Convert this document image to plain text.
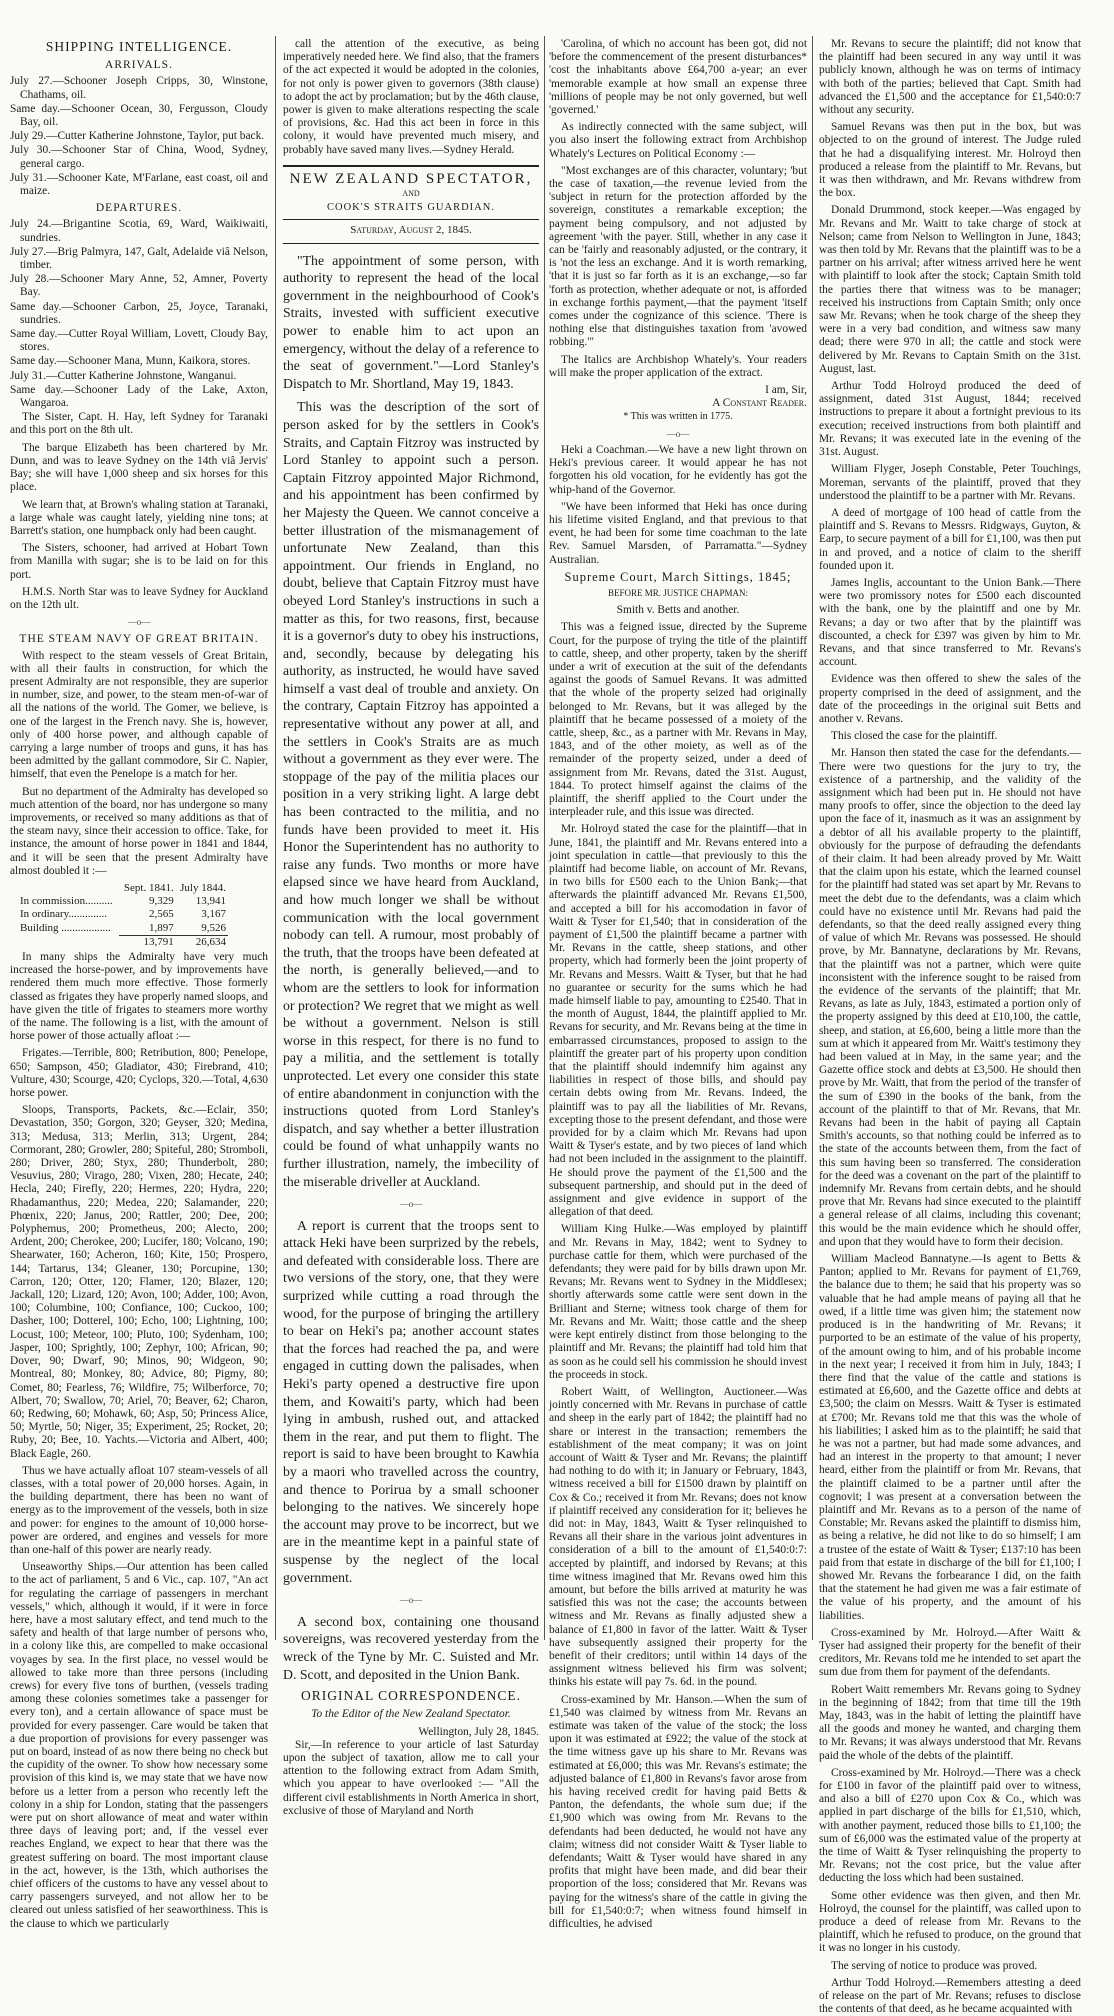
SHIPPING INTELLIGENCE.
ARRIVALS.

July 27.—Schooner Joseph Cripps, 30, Winstone, Chathams, oil.

Same day.—Schooner Ocean, 30, Fergusson, Cloudy Bay, oil.

July 29.—Cutter Katherine Johnstone, Taylor, put back.

July 30.—Schooner Star of China, Wood, Sydney, general cargo.

July 31.—Schooner Kate, M'Farlane, east coast, oil and maize.

DEPARTURES.

July 24.—Brigantine Scotia, 69, Ward, Waikiwaiti, sundries.

July 27.—Brig Palmyra, 147, Galt, Adelaide viâ Nelson, timber.

July 28.—Schooner Mary Anne, 52, Amner, Poverty Bay.

Same day.—Schooner Carbon, 25, Joyce, Taranaki, sundries.

Same day.—Cutter Royal William, Lovett, Cloudy Bay, stores.

Same day.—Schooner Mana, Munn, Kaikora, stores.

July 31.—Cutter Katherine Johnstone, Wanganui.

Same day.—Schooner Lady of the Lake, Axton, Wangaroa.

The Sister, Capt. H. Hay, left Sydney for Taranaki and this port on the 8th ult.

The barque Elizabeth has been chartered by Mr. Dunn, and was to leave Sydney on the 14th viâ Jervis' Bay; she will have 1,000 sheep and six horses for this place.

We learn that, at Brown's whaling station at Taranaki, a large whale was caught lately, yielding nine tons; at Barrett's station, one humpback only had been caught.

The Sisters, schooner, had arrived at Hobart Town from Manilla with sugar; she is to be laid on for this port.

H.M.S. North Star was to leave Sydney for Auckland on the 12th ult.

—o—
THE STEAM NAVY OF GREAT BRITAIN.

With respect to the steam vessels of Great Britain, with all their faults in construction, for which the present Admiralty are not responsible, they are superior in number, size, and power, to the steam men-of-war of all the nations of the world. The Gomer, we believe, is one of the largest in the French navy. She is, however, only of 400 horse power, and although capable of carrying a large number of troops and guns, it has has been admitted by the gallant commodore, Sir C. Napier, himself, that even the Penelope is a match for her.

But no department of the Admiralty has developed so much attention of the board, nor has undergone so many improvements, or received so many additions as that of the steam navy, since their accession to office. Take, for instance, the amount of horse power in 1841 and 1844, and it will be seen that the present Admiralty have almost doubled it :—

	Sept. 1841.	July 1844.
In commission..........	9,329	13,941
In ordinary..............	2,565	3,167
Building ..................	1,897	9,526
	13,791	26,634

In many ships the Admiralty have very much increased the horse-power, and by improvements have rendered them much more effective. Those formerly classed as frigates they have properly named sloops, and have given the title of frigates to steamers more worthy of the name. The following is a list, with the amount of horse power of those actually afloat :—

Frigates.—Terrible, 800; Retribution, 800; Penelope, 650; Sampson, 450; Gladiator, 430; Firebrand, 410; Vulture, 430; Scourge, 420; Cyclops, 320.—Total, 4,630 horse power.

Sloops, Transports, Packets, &c.—Eclair, 350; Devastation, 350; Gorgon, 320; Geyser, 320; Medina, 313; Medusa, 313; Merlin, 313; Urgent, 284; Cormorant, 280; Growler, 280; Spiteful, 280; Stromboli, 280; Driver, 280; Styx, 280; Thunderbolt, 280; Vesuvius, 280; Virago, 280; Vixen, 280; Hecate, 240; Hecla, 240; Firefly, 220; Hermes, 220; Hydra, 220; Rhadamanthus, 220; Medea, 220; Salamander, 220; Phœnix, 220; Janus, 200; Rattler, 200; Dee, 200; Polyphemus, 200; Prometheus, 200; Alecto, 200; Ardent, 200; Cherokee, 200; Lucifer, 180; Volcano, 190; Shearwater, 160; Acheron, 160; Kite, 150; Prospero, 144; Tartarus, 134; Gleaner, 130; Porcupine, 130; Carron, 120; Otter, 120; Flamer, 120; Blazer, 120; Jackall, 120; Lizard, 120; Avon, 100; Adder, 100; Avon, 100; Columbine, 100; Confiance, 100; Cuckoo, 100; Dasher, 100; Dotterel, 100; Echo, 100; Lightning, 100; Locust, 100; Meteor, 100; Pluto, 100; Sydenham, 100; Jasper, 100; Sprightly, 100; Zephyr, 100; African, 90; Dover, 90; Dwarf, 90; Minos, 90; Widgeon, 90; Montreal, 80; Monkey, 80; Advice, 80; Pigmy, 80; Comet, 80; Fearless, 76; Wildfire, 75; Wilberforce, 70; Albert, 70; Swallow, 70; Ariel, 70; Beaver, 62; Charon, 60; Redwing, 60; Mohawk, 60; Asp, 50; Princess Alice, 50; Myrtle, 50; Niger, 35; Experiment, 25; Rocket, 20; Ruby, 20; Bee, 10. Yachts.—Victoria and Albert, 400; Black Eagle, 260.

Thus we have actually afloat 107 steam-vessels of all classes, with a total power of 20,000 horses. Again, in the building department, there has been no want of energy as to the improvement of the vessels, both in size and power: for engines to the amount of 10,000 horse-power are ordered, and engines and vessels for more than one-half of this power are nearly ready.

Unseaworthy Ships.—Our attention has been called to the act of parliament, 5 and 6 Vic., cap. 107, "An act for regulating the carriage of passengers in merchant vessels," which, although it would, if it were in force here, have a most salutary effect, and tend much to the safety and health of that large number of persons who, in a colony like this, are compelled to make occasional voyages by sea. In the first place, no vessel would be allowed to take more than three persons (including crews) for every five tons of burthen, (vessels trading among these colonies sometimes take a passenger for every ton), and a certain allowance of space must be provided for every passenger. Care would be taken that a due proportion of provisions for every passenger was put on board, instead of as now there being no check but the cupidity of the owner. To show how necessary some provision of this kind is, we may state that we have now before us a letter from a person who recently left the colony in a ship for London, stating that the passengers were put on short allowance of meat and water within three days of leaving port; and, if the vessel ever reaches England, we expect to hear that there was the greatest suffering on board. The most important clause in the act, however, is the 13th, which authorises the chief officers of the customs to have any vessel about to carry passengers surveyed, and not allow her to be cleared out unless satisfied of her seaworthiness. This is the clause to which we particularly

call the attention of the executive, as being imperatively needed here. We find also, that the framers of the act expected it would be adopted in the colonies, for not only is power given to governors (38th clause) to adopt the act by proclamation; but by the 46th clause, power is given to make alterations respecting the scale of provisions, &c. Had this act been in force in this colony, it would have prevented much misery, and probably have saved many lives.—Sydney Herald.

NEW ZEALAND SPECTATOR,
AND
COOK'S STRAITS GUARDIAN.
Saturday, August 2, 1845.

"The appointment of some person, with authority to represent the head of the local government in the neighbourhood of Cook's Straits, invested with sufficient executive power to enable him to act upon an emergency, without the delay of a reference to the seat of government."—Lord Stanley's Dispatch to Mr. Shortland, May 19, 1843.

This was the description of the sort of person asked for by the settlers in Cook's Straits, and Captain Fitzroy was instructed by Lord Stanley to appoint such a person. Captain Fitzroy appointed Major Richmond, and his appointment has been confirmed by her Majesty the Queen. We cannot conceive a better illustration of the mismanagement of unfortunate New Zealand, than this appointment. Our friends in England, no doubt, believe that Captain Fitzroy must have obeyed Lord Stanley's instructions in such a matter as this, for two reasons, first, because it is a governor's duty to obey his instructions, and, secondly, because by delegating his authority, as instructed, he would have saved himself a vast deal of trouble and anxiety. On the contrary, Captain Fitzroy has appointed a representative without any power at all, and the settlers in Cook's Straits are as much without a government as they ever were. The stoppage of the pay of the militia places our position in a very striking light. A large debt has been contracted to the militia, and no funds have been provided to meet it. His Honor the Superintendent has no authority to raise any funds. Two months or more have elapsed since we have heard from Auckland, and how much longer we shall be without communication with the local government nobody can tell. A rumour, most probably of the truth, that the troops have been defeated at the north, is generally believed,—and to whom are the settlers to look for information or protection? We regret that we might as well be without a government. Nelson is still worse in this respect, for there is no fund to pay a militia, and the settlement is totally unprotected. Let every one consider this state of entire abandonment in conjunction with the instructions quoted from Lord Stanley's dispatch, and say whether a better illustration could be found of what unhappily wants no further illustration, namely, the imbecility of the miserable driveller at Auckland.

—o—

A report is current that the troops sent to attack Heki have been surprized by the rebels, and defeated with considerable loss. There are two versions of the story, one, that they were surprized while cutting a road through the wood, for the purpose of bringing the artillery to bear on Heki's pa; another account states that the forces had reached the pa, and were engaged in cutting down the palisades, when Heki's party opened a destructive fire upon them, and Kowaiti's party, which had been lying in ambush, rushed out, and attacked them in the rear, and put them to flight. The report is said to have been brought to Kawhia by a maori who travelled across the country, and thence to Porirua by a small schooner belonging to the natives. We sincerely hope the account may prove to be incorrect, but we are in the meantime kept in a painful state of suspense by the neglect of the local government.

—o—

A second box, containing one thousand sovereigns, was recovered yesterday from the wreck of the Tyne by Mr. C. Suisted and Mr. D. Scott, and deposited in the Union Bank.

ORIGINAL CORRESPONDENCE.

To the Editor of the New Zealand Spectator.

Wellington, July 28, 1845.

Sir,—In reference to your article of last Saturday upon the subject of taxation, allow me to call your attention to the following extract from Adam Smith, which you appear to have overlooked :— "All the different civil establishments in North America in short, exclusive of those of Maryland and North

'Carolina, of which no account has been got, did not 'before the commencement of the present disturbances* 'cost the inhabitants above £64,700 a-year; an ever 'memorable example at how small an expense three 'millions of people may be not only governed, but well 'governed.'

As indirectly connected with the same subject, will you also insert the following extract from Archbishop Whately's Lectures on Political Economy :—

"Most exchanges are of this character, voluntary; 'but the case of taxation,—the revenue levied from the 'subject in return for the protection afforded by the sovereign, constitutes a remarkable exception; the payment being compulsory, and not adjusted by agreement 'with the payer. Still, whether in any case it can be 'fairly and reasonably adjusted, or the contrary, it is 'not the less an exchange. And it is worth remarking, 'that it is just so far forth as it is an exchange,—so far 'forth as protection, whether adequate or not, is afforded in exchange forthis payment,—that the payment 'itself comes under the cognizance of this science. 'There is nothing else that distinguishes taxation from 'avowed robbing.'"

The Italics are Archbishop Whately's. Your readers will make the proper application of the extract.

I am, Sir,

A Constant Reader.

* This was written in 1775.

—o—

Heki a Coachman.—We have a new light thrown on Heki's previous career. It would appear he has not forgotten his old vocation, for he evidently has got the whip-hand of the Governor.

"We have been informed that Heki has once during his lifetime visited England, and that previous to that event, he had been for some time coachman to the late Rev. Samuel Marsden, of Parramatta."—Sydney Australian.

Supreme Court, March Sittings, 1845;

BEFORE MR. JUSTICE CHAPMAN:

Smith v. Betts and another.

This was a feigned issue, directed by the Supreme Court, for the purpose of trying the title of the plaintiff to cattle, sheep, and other property, taken by the sheriff under a writ of execution at the suit of the defendants against the goods of Samuel Revans. It was admitted that the whole of the property seized had originally belonged to Mr. Revans, but it was alleged by the plaintiff that he became possessed of a moiety of the cattle, sheep, &c., as a partner with Mr. Revans in May, 1843, and of the other moiety, as well as of the remainder of the property seized, under a deed of assignment from Mr. Revans, dated the 31st. August, 1844. To protect himself against the claims of the plaintiff, the sheriff applied to the Court under the interpleader rule, and this issue was directed.

Mr. Holroyd stated the case for the plaintiff—that in June, 1841, the plaintiff and Mr. Revans entered into a joint speculation in cattle—that previously to this the plaintiff had become liable, on account of Mr. Revans, in two bills for £500 each to the Union Bank;—that afterwards the plaintiff advanced Mr. Revans £1,500, and accepted a bill for his accomodation in favor of Waitt & Tyser for £1,540; that in consideration of the payment of £1,500 the plaintiff became a partner with Mr. Revans in the cattle, sheep stations, and other property, which had formerly been the joint property of Mr. Revans and Messrs. Waitt & Tyser, but that he had no guarantee or security for the sums which he had made himself liable to pay, amounting to £2540. That in the month of August, 1844, the plaintiff applied to Mr. Revans for security, and Mr. Revans being at the time in embarrassed circumstances, proposed to assign to the plaintiff the greater part of his property upon condition that the plaintiff should indemnify him against any liabilities in respect of those bills, and should pay certain debts owing from Mr. Revans. Indeed, the plaintiff was to pay all the liabilities of Mr. Revans, excepting those to the present defendant, and those were provided for by a claim which Mr. Revans had upon Waitt & Tyser's estate, and by two pieces of land which had not been included in the assignment to the plaintiff. He should prove the payment of the £1,500 and the subsequent partnership, and should put in the deed of assignment and give evidence in support of the allegation of that deed.

William King Hulke.—Was employed by plaintiff and Mr. Revans in May, 1842; went to Sydney to purchase cattle for them, which were purchased of the defendants; they were paid for by bills drawn upon Mr. Revans; Mr. Revans went to Sydney in the Middlesex; shortly afterwards some cattle were sent down in the Brilliant and Sterne; witness took charge of them for Mr. Revans and Mr. Waitt; those cattle and the sheep were kept entirely distinct from those belonging to the plaintiff and Mr. Revans; the plaintiff had told him that as soon as he could sell his commission he should invest the proceeds in stock.

Robert Waitt, of Wellington, Auctioneer.—Was jointly concerned with Mr. Revans in purchase of cattle and sheep in the early part of 1842; the plaintiff had no share or interest in the transaction; remembers the establishment of the meat company; it was on joint account of Waitt & Tyser and Mr. Revans; the plaintiff had nothing to do with it; in January or February, 1843, witness received a bill for £1500 drawn by plaintiff on Cox & Co.; received it from Mr. Revans; does not know if plaintiff received any consideration for it; believes he did not: in May, 1843, Waitt & Tyser relinquished to Revans all their share in the various joint adventures in consideration of a bill to the amount of £1,540:0:7: accepted by plaintiff, and indorsed by Revans; at this time witness imagined that Mr. Revans owed him this amount, but before the bills arrived at maturity he was satisfied this was not the case; the accounts between witness and Mr. Revans as finally adjusted shew a balance of £1,800 in favor of the latter. Waitt & Tyser have subsequently assigned their property for the benefit of their creditors; until within 14 days of the assignment witness believed his firm was solvent; thinks his estate will pay 7s. 6d. in the pound.

Cross-examined by Mr. Hanson.—When the sum of £1,540 was claimed by witness from Mr. Revans an estimate was taken of the value of the stock; the loss upon it was estimated at £922; the value of the stock at the time witness gave up his share to Mr. Revans was estimated at £6,000; this was Mr. Revans's estimate; the adjusted balance of £1,800 in Revans's favor arose from his having received credit for having paid Betts & Panton, the defendants, the whole sum due; if the £1,900 which was owing from Mr. Revans to the defendants had been deducted, he would not have any claim; witness did not consider Waitt & Tyser liable to defendants; Waitt & Tyser would have shared in any profits that might have been made, and did bear their proportion of the loss; considered that Mr. Revans was paying for the witness's share of the cattle in giving the bill for £1,540:0:7; when witness found himself in difficulties, he advised

Mr. Revans to secure the plaintiff; did not know that the plaintiff had been secured in any way until it was publicly known, although he was on terms of intimacy with both of the parties; believed that Capt. Smith had advanced the £1,500 and the acceptance for £1,540:0:7 without any security.

Samuel Revans was then put in the box, but was objected to on the ground of interest. The Judge ruled that he had a disqualifying interest. Mr. Holroyd then produced a release from the plaintiff to Mr. Revans, but it was then withdrawn, and Mr. Revans withdrew from the box.

Donald Drummond, stock keeper.—Was engaged by Mr. Revans and Mr. Waitt to take charge of stock at Nelson; came from Nelson to Wellington in June, 1843; was then told by Mr. Revans that the plaintiff was to be a partner on his arrival; after witness arrived here he went with plaintiff to look after the stock; Captain Smith told the parties there that witness was to be manager; received his instructions from Captain Smith; only once saw Mr. Revans; when he took charge of the sheep they were in a very bad condition, and witness saw many dead; there were 970 in all; the cattle and stock were delivered by Mr. Revans to Captain Smith on the 31st. August, last.

Arthur Todd Holroyd produced the deed of assignment, dated 31st August, 1844; received instructions to prepare it about a fortnight previous to its execution; received instructions from both plaintiff and Mr. Revans; it was executed late in the evening of the 31st. August.

William Flyger, Joseph Constable, Peter Touchings, Moreman, servants of the plaintiff, proved that they understood the plaintiff to be a partner with Mr. Revans.

A deed of mortgage of 100 head of cattle from the plaintiff and S. Revans to Messrs. Ridgways, Guyton, & Earp, to secure payment of a bill for £1,100, was then put in and proved, and a notice of claim to the sheriff founded upon it.

James Inglis, accountant to the Union Bank.—There were two promissory notes for £500 each discounted with the bank, one by the plaintiff and one by Mr. Revans; a day or two after that by the plaintiff was discounted, a check for £397 was given by him to Mr. Revans, and that since transferred to Mr. Revans's account.

Evidence was then offered to shew the sales of the property comprised in the deed of assignment, and the date of the proceedings in the original suit Betts and another v. Revans.

This closed the case for the plaintiff.

Mr. Hanson then stated the case for the defendants.—There were two questions for the jury to try, the existence of a partnership, and the validity of the assignment which had been put in. He should not have many proofs to offer, since the objection to the deed lay upon the face of it, inasmuch as it was an assignment by a debtor of all his available property to the plaintiff, obviously for the purpose of defrauding the defendants of their claim. It had been already proved by Mr. Waitt that the claim upon his estate, which the learned counsel for the plaintiff had stated was set apart by Mr. Revans to meet the debt due to the defendants, was a claim which could have no existence until Mr. Revans had paid the defendants, so that the deed really assigned every thing of value of which Mr. Revans was possessed. He should prove, by Mr. Bannatyne, declarations by Mr. Revans, that the plaintiff was not a partner, which were quite inconsistent with the inference sought to be raised from the evidence of the servants of the plaintiff; that Mr. Revans, as late as July, 1843, estimated a portion only of the property assigned by this deed at £10,100, the cattle, sheep, and station, at £6,600, being a little more than the sum at which it appeared from Mr. Waitt's testimony they had been valued at in May, in the same year; and the Gazette office stock and debts at £3,500. He should then prove by Mr. Waitt, that from the period of the transfer of the sum of £390 in the books of the bank, from the account of the plaintiff to that of Mr. Revans, that Mr. Revans had been in the habit of paying all Captain Smith's accounts, so that nothing could be inferred as to the state of the accounts between them, from the fact of this sum having been so transferred. The consideration for the deed was a covenant on the part of the plaintiff to indemnify Mr. Revans from certain debts, and he should prove that Mr. Revans had since executed to the plaintiff a general release of all claims, including this covenant; this would be the main evidence which he should offer, and upon that they would have to form their decision.

William Macleod Bannatyne.—Is agent to Betts & Panton; applied to Mr. Revans for payment of £1,769, the balance due to them; he said that his property was so valuable that he had ample means of paying all that he owed, if a little time was given him; the statement now produced is in the handwriting of Mr. Revans; it purported to be an estimate of the value of his property, of the amount owing to him, and of his probable income in the next year; I received it from him in July, 1843; I there find that the value of the cattle and stations is estimated at £6,600, and the Gazette office and debts at £3,500; the claim on Messrs. Waitt & Tyser is estimated at £700; Mr. Revans told me that this was the whole of his liabilities; I asked him as to the plaintiff; he said that he was not a partner, but had made some advances, and had an interest in the property to that amount; I never heard, either from the plaintiff or from Mr. Revans, that the plaintiff claimed to be a partner until after the cognovit; I was present at a conversation between the plaintiff and Mr. Revans as to a person of the name of Constable; Mr. Revans asked the plaintiff to dismiss him, as being a relative, he did not like to do so himself; I am a trustee of the estate of Waitt & Tyser; £137:10 has been paid from that estate in discharge of the bill for £1,100; I showed Mr. Revans the forbearance I did, on the faith that the statement he had given me was a fair estimate of the value of his property, and the amount of his liabilities.

Cross-examined by Mr. Holroyd.—After Waitt & Tyser had assigned their property for the benefit of their creditors, Mr. Revans told me he intended to set apart the sum due from them for payment of the defendants.

Robert Waitt remembers Mr. Revans going to Sydney in the beginning of 1842; from that time till the 19th May, 1843, was in the habit of letting the plaintiff have all the goods and money he wanted, and charging them to Mr. Revans; it was always understood that Mr. Revans paid the whole of the debts of the plaintiff.

Cross-examined by Mr. Holroyd.—There was a check for £100 in favor of the plaintiff paid over to witness, and also a bill of £270 upon Cox & Co., which was applied in part discharge of the bills for £1,510, which, with another payment, reduced those bills to £1,100; the sum of £6,000 was the estimated value of the property at the time of Waitt & Tyser relinquishing the property to Mr. Revans; not the cost price, but the value after deducting the loss which had been sustained.

Some other evidence was then given, and then Mr. Holroyd, the counsel for the plaintiff, was called upon to produce a deed of release from Mr. Revans to the plaintiff, which he refused to produce, on the ground that it was no longer in his custody.

The serving of notice to produce was proved.

Arthur Todd Holroyd.—Remembers attesting a deed of release on the part of Mr. Revans; refuses to disclose the contents of that deed, as he became acquainted with
